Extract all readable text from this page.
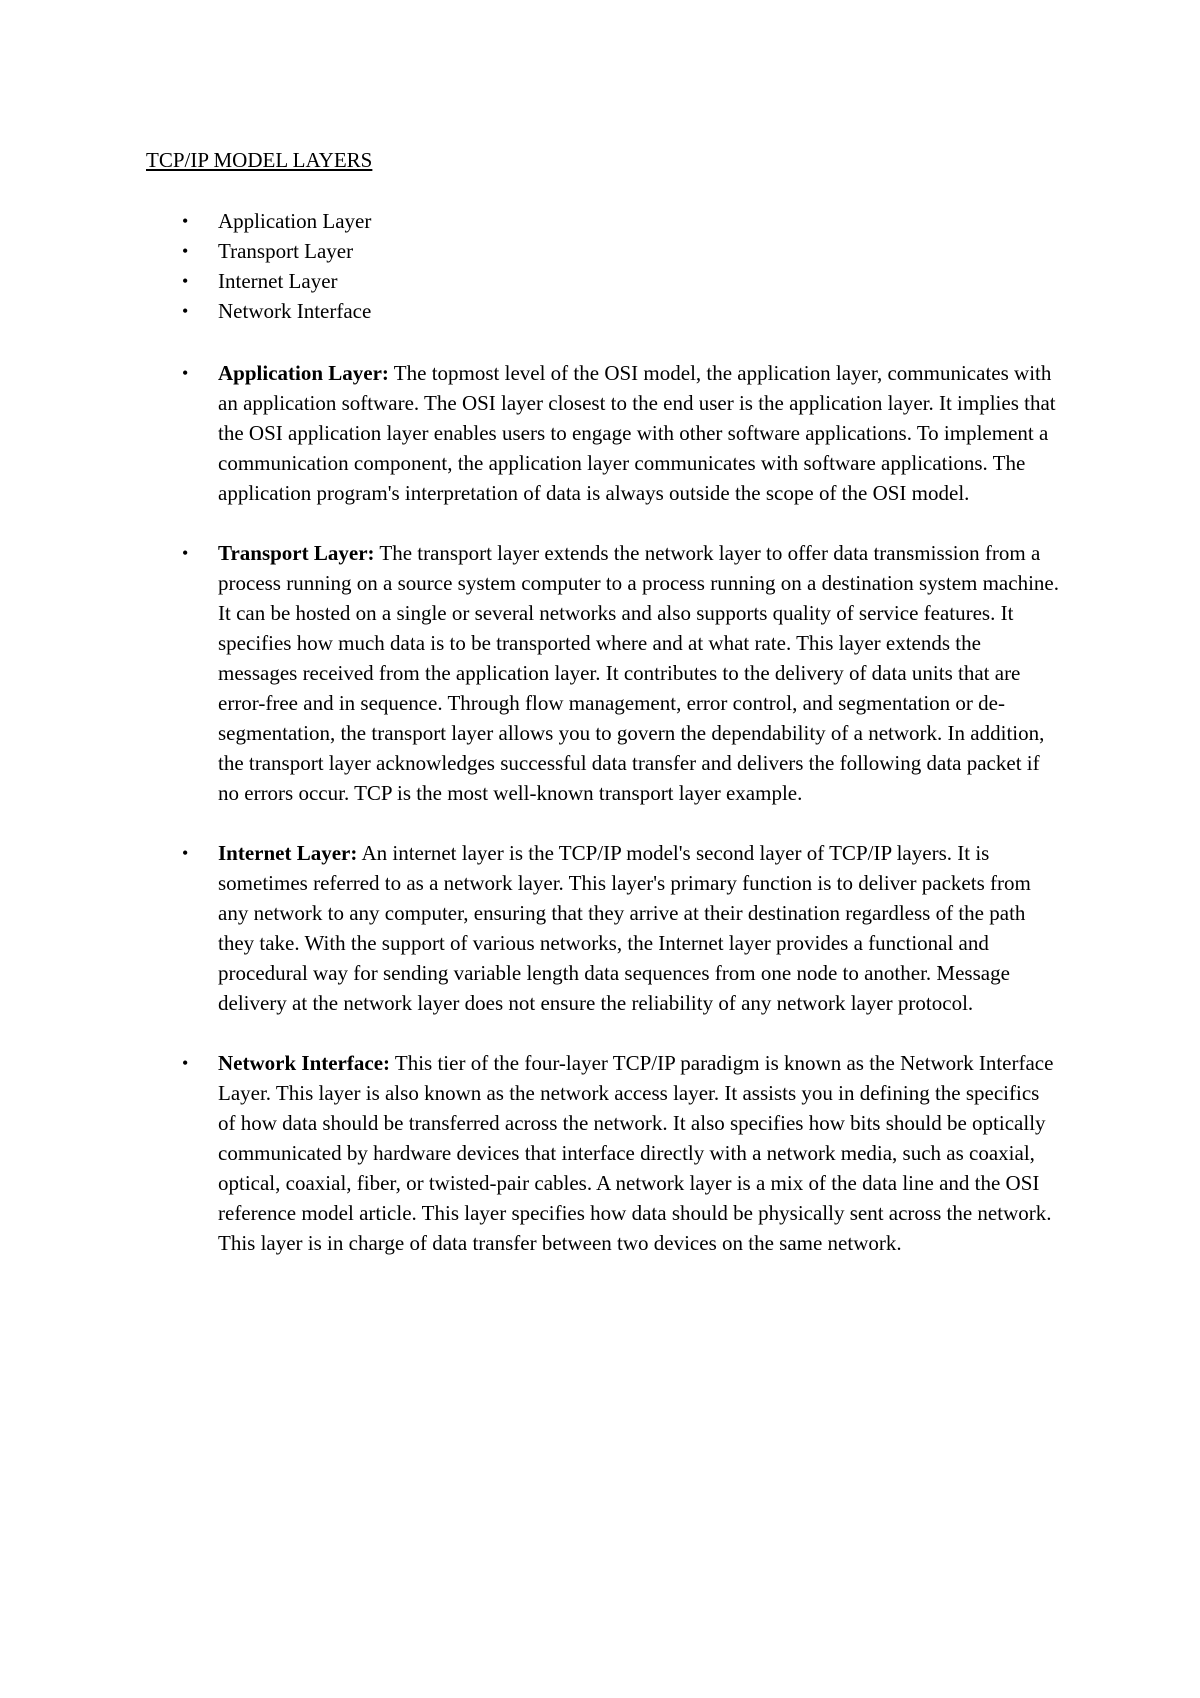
TCP/IP MODEL LAYERS
•	Application Layer
•	Transport Layer
•	Internet Layer
•	Network Interface
•	Application Layer: The topmost level of the OSI model, the application layer, communicates with an application software. The OSI layer closest to the end user is the application layer. It implies that the OSI application layer enables users to engage with other software applications. To implement a communication component, the application layer communicates with software applications. The application program's interpretation of data is always outside the scope of the OSI model.
•	Transport Layer: The transport layer extends the network layer to offer data transmission from a process running on a source system computer to a process running on a destination system machine. It can be hosted on a single or several networks and also supports quality of service features. It specifies how much data is to be transported where and at what rate. This layer extends the messages received from the application layer. It contributes to the delivery of data units that are error-free and in sequence. Through flow management, error control, and segmentation or de-segmentation, the transport layer allows you to govern the dependability of a network. In addition, the transport layer acknowledges successful data transfer and delivers the following data packet if no errors occur. TCP is the most well-known transport layer example.
•	Internet Layer: An internet layer is the TCP/IP model's second layer of TCP/IP layers. It is sometimes referred to as a network layer. This layer's primary function is to deliver packets from any network to any computer, ensuring that they arrive at their destination regardless of the path they take. With the support of various networks, the Internet layer provides a functional and procedural way for sending variable length data sequences from one node to another. Message delivery at the network layer does not ensure the reliability of any network layer protocol.
•	Network Interface: This tier of the four-layer TCP/IP paradigm is known as the Network Interface Layer. This layer is also known as the network access layer. It assists you in defining the specifics of how data should be transferred across the network. It also specifies how bits should be optically communicated by hardware devices that interface directly with a network media, such as coaxial, optical, coaxial, fiber, or twisted-pair cables. A network layer is a mix of the data line and the OSI reference model article. This layer specifies how data should be physically sent across the network. This layer is in charge of data transfer between two devices on the same network.
